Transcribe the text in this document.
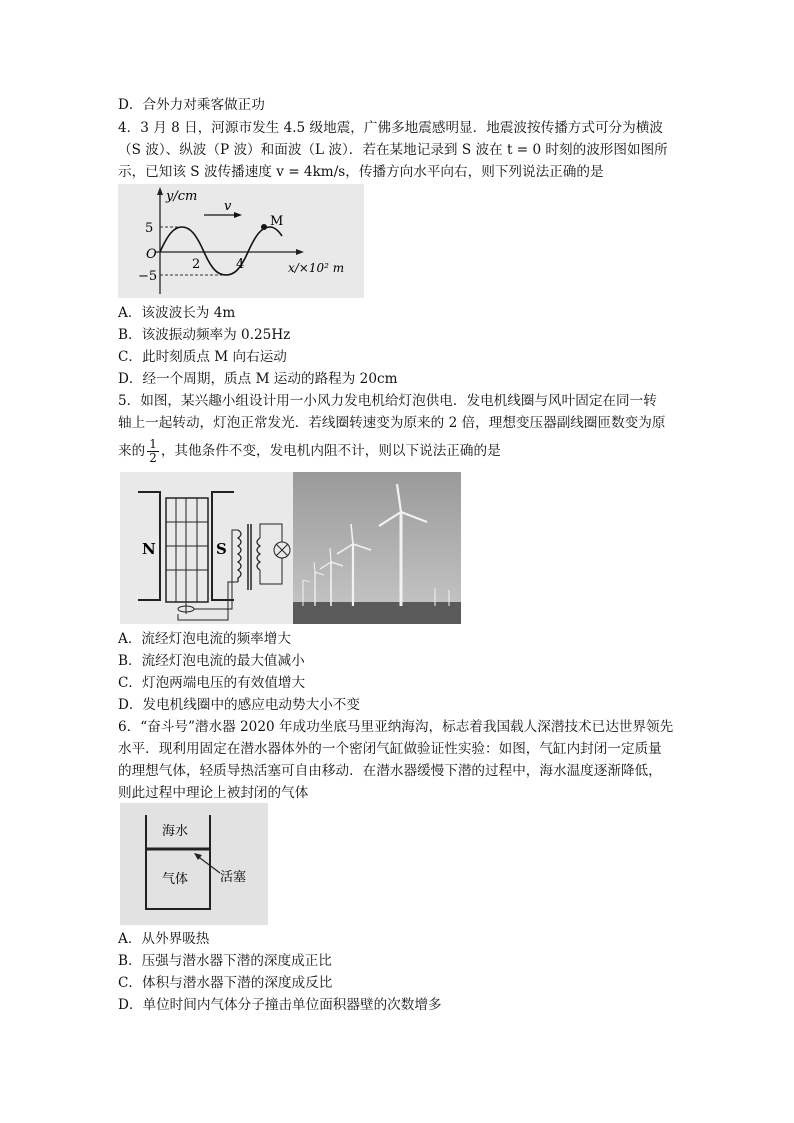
D．合外力对乘客做正功
4．3 月 8 日，河源市发生 4.5 级地震，广佛多地震感明显．地震波按传播方式可分为横波
（S 波）、纵波（P 波）和面波（L 波）．若在某地记录到 S 波在 t = 0 时刻的波形图如图所
示，已知该 S 波传播速度 v = 4km/s，传播方向水平向右，则下列说法正确的是
y/cm
5
O
−5
2	4
v
M
x/×10² m
A．该波波长为 4m
B．该波振动频率为 0.25Hz
C．此时刻质点 M 向右运动
D．经一个周期，质点 M 运动的路程为 20cm
5．如图，某兴趣小组设计用一小风力发电机给灯泡供电．发电机线圈与风叶固定在同一转
轴上一起转动，灯泡正常发光．若线圈转速变为原来的 2 倍，理想变压器副线圈匝数变为原
来的 $\frac{1}{2}$ ，其他条件不变，发电机内阻不计，则以下说法正确的是
N	S
A．流经灯泡电流的频率增大
B．流经灯泡电流的最大值减小
C．灯泡两端电压的有效值增大
D．发电机线圈中的感应电动势大小不变
6．“奋斗号”潜水器 2020 年成功坐底马里亚纳海沟，标志着我国载人深潜技术已达世界领先
水平．现利用固定在潜水器体外的一个密闭气缸做验证性实验：如图，气缸内封闭一定质量
的理想气体，轻质导热活塞可自由移动．在潜水器缓慢下潜的过程中，海水温度逐渐降低，
则此过程中理论上被封闭的气体
海水
气体 活塞
A．从外界吸热
B．压强与潜水器下潜的深度成正比
C．体积与潜水器下潜的深度成反比
D．单位时间内气体分子撞击单位面积器壁的次数增多
